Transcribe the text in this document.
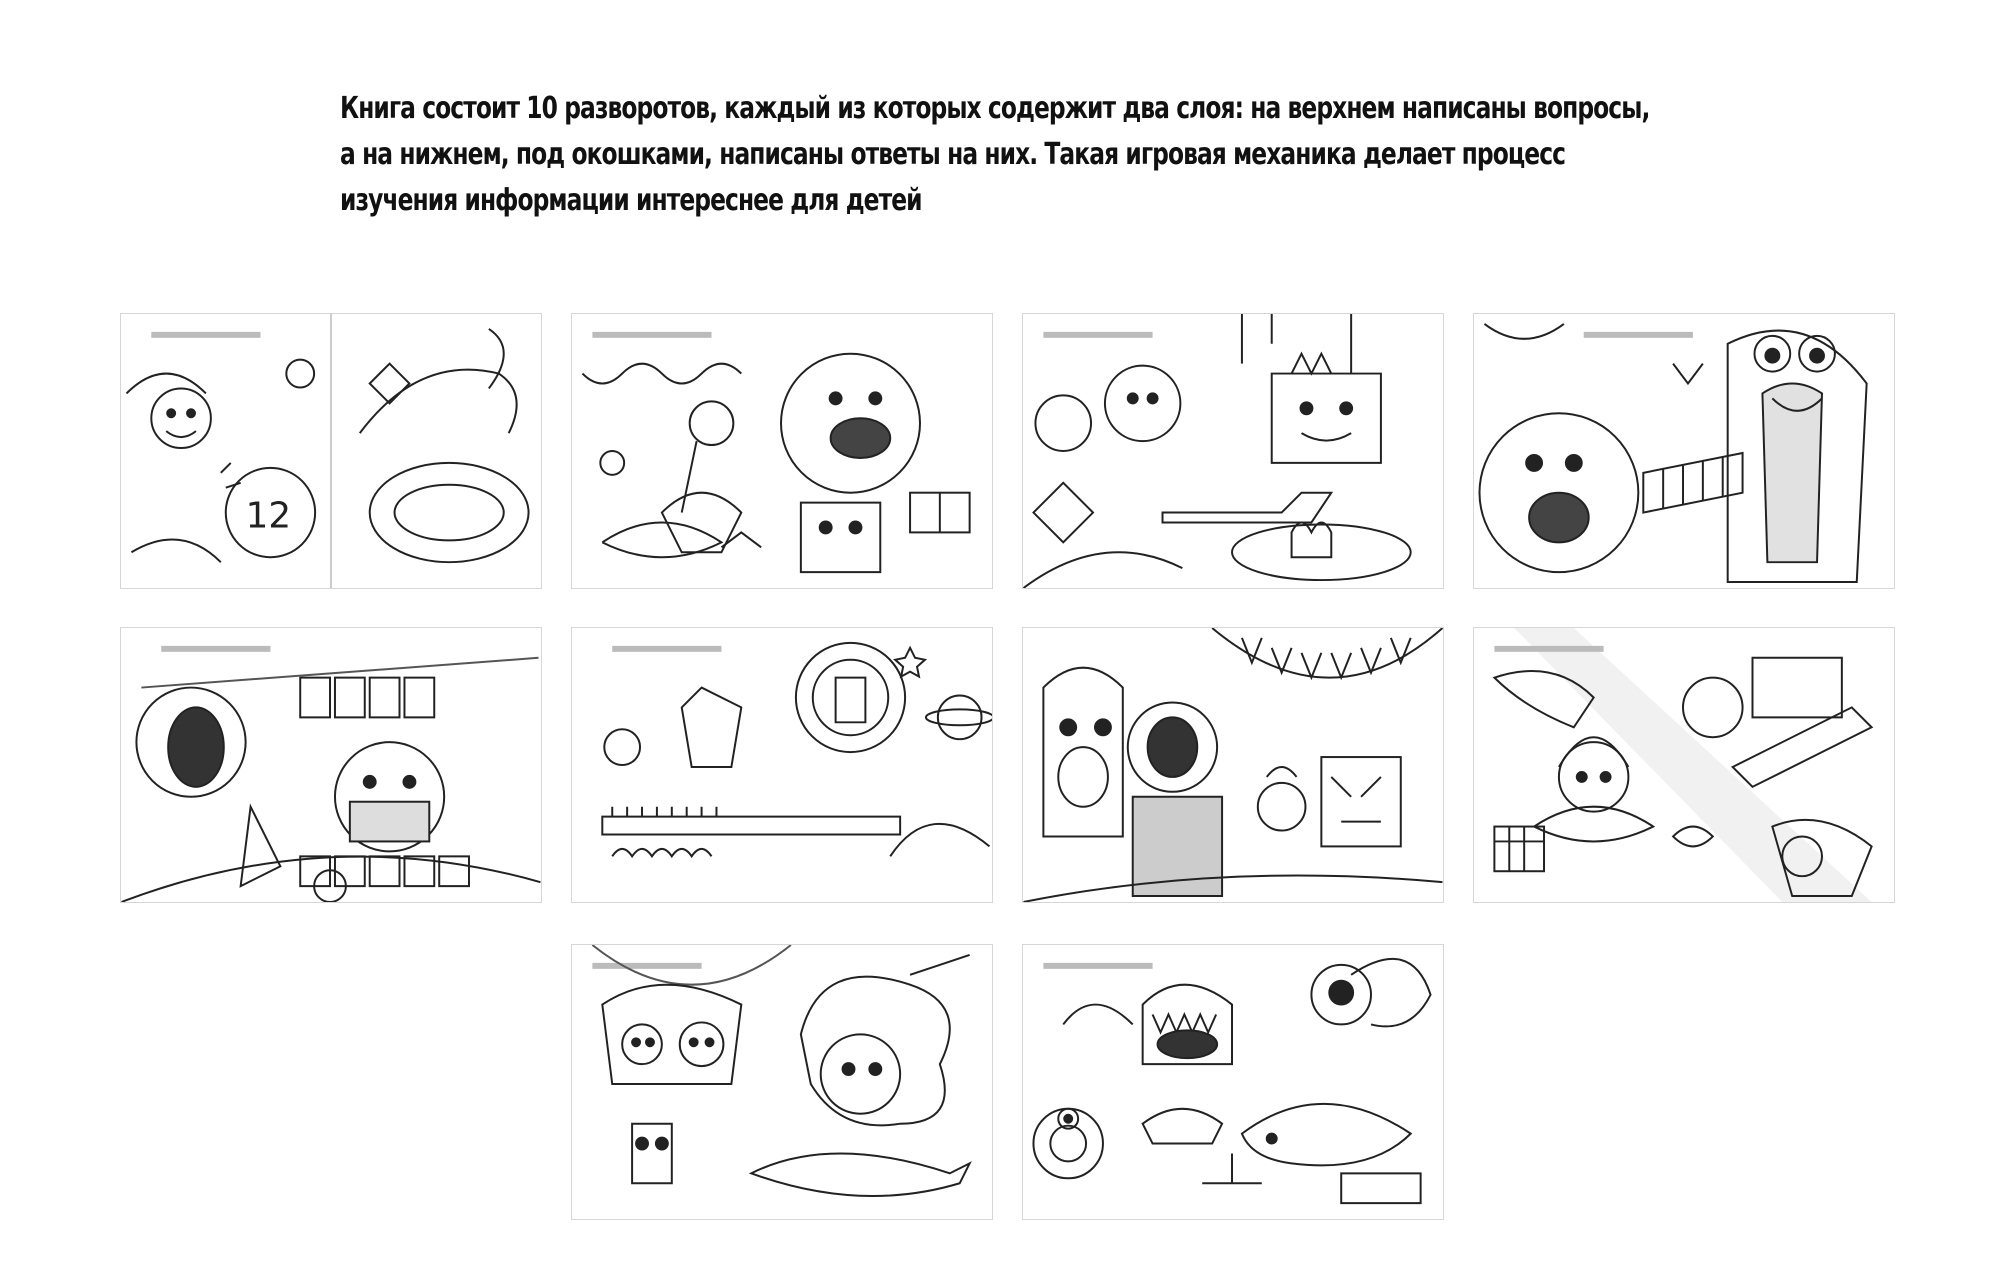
Книга состоит 10 разворотов, каждый из которых содержит два слоя: на верхнем написаны вопросы,
а на нижнем, под окошками, написаны ответы на них. Такая игровая механика делает процесс
изучения информации интереснее для детей
12
